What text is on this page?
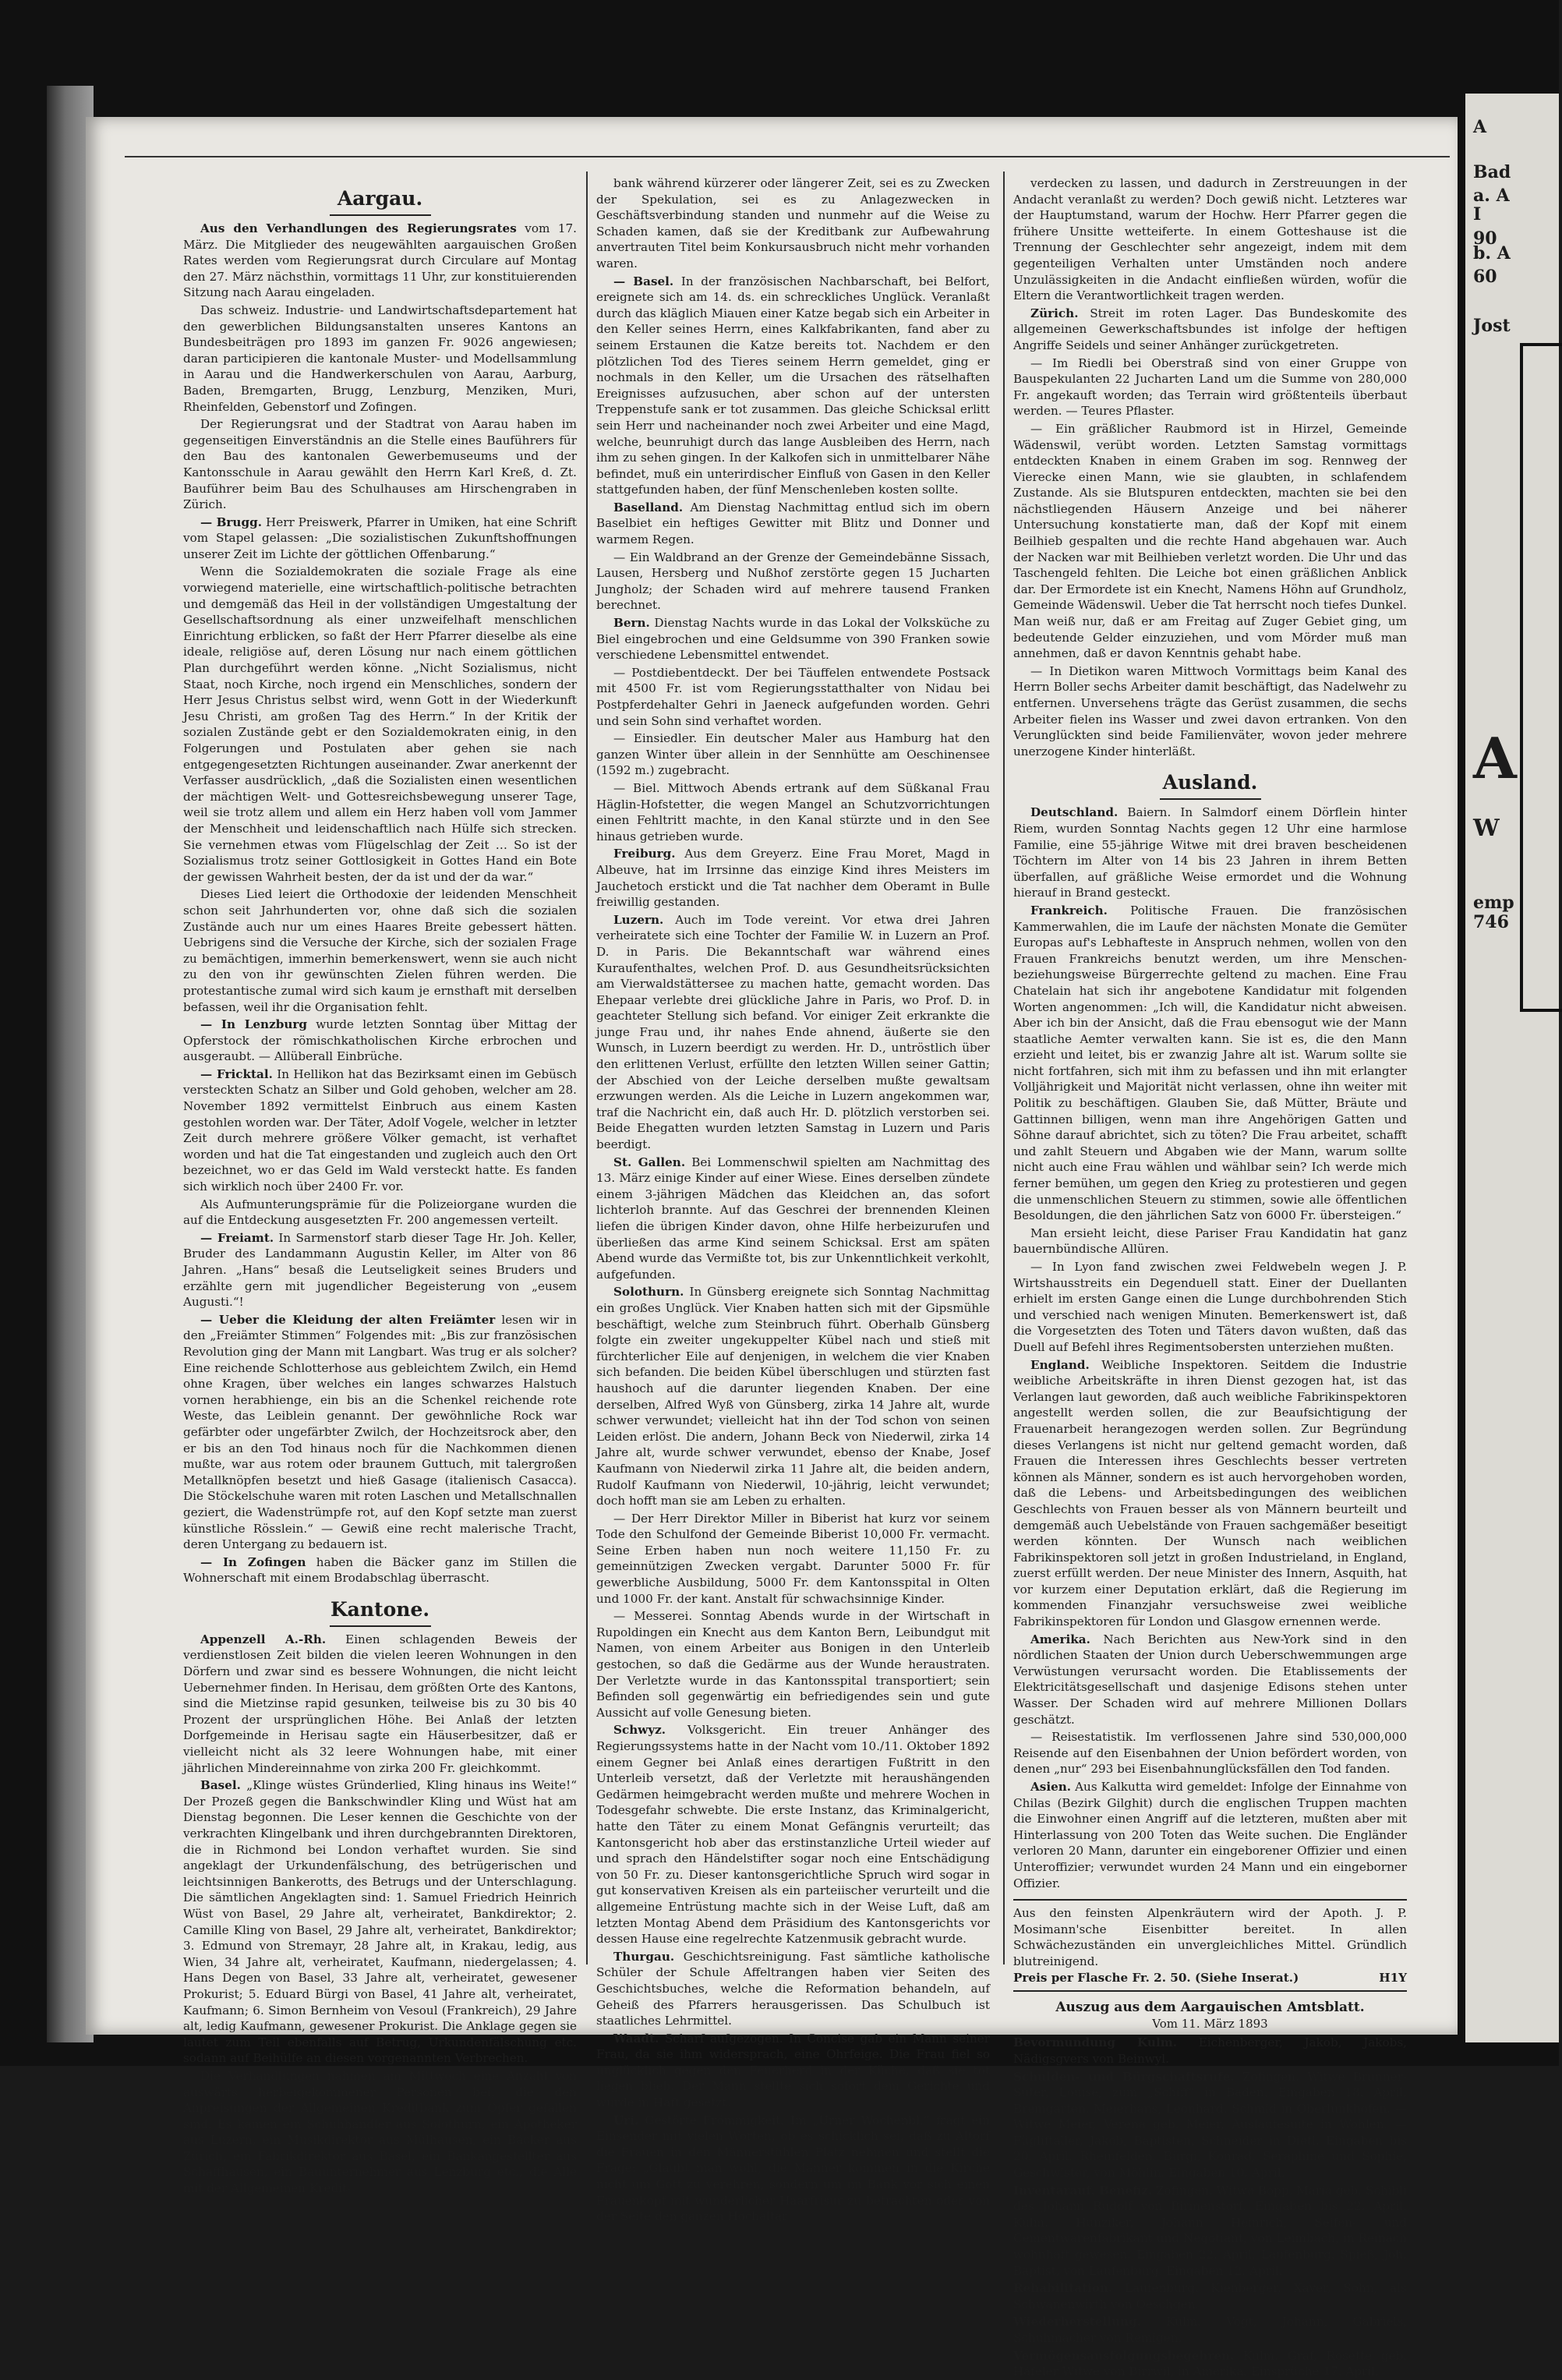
A
Bad
a. A
I
90
b. A
60
Jost
A
W
emp
746
Aargau.

Aus den Verhandlungen des Regierungsrates vom 17. März. Die Mitglieder des neugewählten aargauischen Großen Rates werden vom Regierungsrat durch Circulare auf Montag den 27. März nächsthin, vormittags 11 Uhr, zur konstituierenden Sitzung nach Aarau eingeladen.

Das schweiz. Industrie- und Landwirtschaftsdepartement hat den gewerblichen Bildungsanstalten unseres Kantons an Bundesbeiträgen pro 1893 im ganzen Fr. 9026 angewiesen; daran participieren die kantonale Muster- und Modellsammlung in Aarau und die Handwerkerschulen von Aarau, Aarburg, Baden, Bremgarten, Brugg, Lenzburg, Menziken, Muri, Rheinfelden, Gebenstorf und Zofingen.

Der Regierungsrat und der Stadtrat von Aarau haben im gegenseitigen Einverständnis an die Stelle eines Bauführers für den Bau des kantonalen Gewerbemuseums und der Kantonsschule in Aarau gewählt den Herrn Karl Kreß, d. Zt. Bauführer beim Bau des Schulhauses am Hirschengraben in Zürich.

— Brugg. Herr Preiswerk, Pfarrer in Umiken, hat eine Schrift vom Stapel gelassen: „Die sozialistischen Zukunftshoffnungen unserer Zeit im Lichte der göttlichen Offenbarung.“

Wenn die Sozialdemokraten die soziale Frage als eine vorwiegend materielle, eine wirtschaftlich-politische betrachten und demgemäß das Heil in der vollständigen Umgestaltung der Gesellschaftsordnung als einer unzweifelhaft menschlichen Einrichtung erblicken, so faßt der Herr Pfarrer dieselbe als eine ideale, religiöse auf, deren Lösung nur nach einem göttlichen Plan durchgeführt werden könne. „Nicht Sozialismus, nicht Staat, noch Kirche, noch irgend ein Menschliches, sondern der Herr Jesus Christus selbst wird, wenn Gott in der Wiederkunft Jesu Christi, am großen Tag des Herrn.“ In der Kritik der sozialen Zustände gebt er den Sozialdemokraten einig, in den Folgerungen und Postulaten aber gehen sie nach entgegengesetzten Richtungen auseinander. Zwar anerkennt der Verfasser ausdrücklich, „daß die Sozialisten einen wesentlichen der mächtigen Welt- und Gottesreichsbewegung unserer Tage, weil sie trotz allem und allem ein Herz haben voll vom Jammer der Menschheit und leidenschaftlich nach Hülfe sich strecken. Sie vernehmen etwas vom Flügelschlag der Zeit … So ist der Sozialismus trotz seiner Gottlosigkeit in Gottes Hand ein Bote der gewissen Wahrheit besten, der da ist und der da war.“

Dieses Lied leiert die Orthodoxie der leidenden Menschheit schon seit Jahrhunderten vor, ohne daß sich die sozialen Zustände auch nur um eines Haares Breite gebessert hätten. Uebrigens sind die Versuche der Kirche, sich der sozialen Frage zu bemächtigen, immerhin bemerkenswert, wenn sie auch nicht zu den von ihr gewünschten Zielen führen werden. Die protestantische zumal wird sich kaum je ernsthaft mit derselben befassen, weil ihr die Organisation fehlt.

— In Lenzburg wurde letzten Sonntag über Mittag der Opferstock der römischkatholischen Kirche erbrochen und ausgeraubt. — Allüberall Einbrüche.

— Fricktal. In Hellikon hat das Bezirksamt einen im Gebüsch versteckten Schatz an Silber und Gold gehoben, welcher am 28. November 1892 vermittelst Einbruch aus einem Kasten gestohlen worden war. Der Täter, Adolf Vogele, welcher in letzter Zeit durch mehrere größere Völker gemacht, ist verhaftet worden und hat die Tat eingestanden und zugleich auch den Ort bezeichnet, wo er das Geld im Wald versteckt hatte. Es fanden sich wirklich noch über 2400 Fr. vor.

Als Aufmunterungsprämie für die Polizeiorgane wurden die auf die Entdeckung ausgesetzten Fr. 200 angemessen verteilt.

— Freiamt. In Sarmenstorf starb dieser Tage Hr. Joh. Keller, Bruder des Landammann Augustin Keller, im Alter von 86 Jahren. „Hans“ besaß die Leutseligkeit seines Bruders und erzählte gern mit jugendlicher Begeisterung von „eusem Augusti.“!

— Ueber die Kleidung der alten Freiämter lesen wir in den „Freiämter Stimmen“ Folgendes mit: „Bis zur französischen Revolution ging der Mann mit Langbart. Was trug er als solcher? Eine reichende Schlotterhose aus gebleichtem Zwilch, ein Hemd ohne Kragen, über welches ein langes schwarzes Halstuch vornen herabhienge, ein bis an die Schenkel reichende rote Weste, das Leiblein genannt. Der gewöhnliche Rock war gefärbter oder ungefärbter Zwilch, der Hochzeitsrock aber, den er bis an den Tod hinaus noch für die Nachkommen dienen mußte, war aus rotem oder braunem Guttuch, mit talergroßen Metallknöpfen besetzt und hieß Gasage (italienisch Casacca). Die Stöckelschuhe waren mit roten Laschen und Metallschnallen geziert, die Wadenstrümpfe rot, auf den Kopf setzte man zuerst künstliche Rösslein.“ — Gewiß eine recht malerische Tracht, deren Untergang zu bedauern ist.

— In Zofingen haben die Bäcker ganz im Stillen die Wohnerschaft mit einem Brodabschlag überrascht.

Kantone.

Appenzell A.-Rh. Einen schlagenden Beweis der verdienstlosen Zeit bilden die vielen leeren Wohnungen in den Dörfern und zwar sind es bessere Wohnungen, die nicht leicht Uebernehmer finden. In Herisau, dem größten Orte des Kantons, sind die Mietzinse rapid gesunken, teilweise bis zu 30 bis 40 Prozent der ursprünglichen Höhe. Bei Anlaß der letzten Dorfgemeinde in Herisau sagte ein Häuserbesitzer, daß er vielleicht nicht als 32 leere Wohnungen habe, mit einer jährlichen Mindereinnahme von zirka 200 Fr. gleichkommt.

Basel. „Klinge wüstes Gründerlied, Kling hinaus ins Weite!“ Der Prozeß gegen die Bankschwindler Kling und Wüst hat am Dienstag begonnen. Die Leser kennen die Geschichte von der verkrachten Klingelbank und ihren durchgebrannten Direktoren, die in Richmond bei London verhaftet wurden. Sie sind angeklagt der Urkundenfälschung, des betrügerischen und leichtsinnigen Bankerotts, des Betrugs und der Unterschlagung. Die sämtlichen Angeklagten sind: 1. Samuel Friedrich Heinrich Wüst von Basel, 29 Jahre alt, verheiratet, Bankdirektor; 2. Camille Kling von Basel, 29 Jahre alt, verheiratet, Bankdirektor; 3. Edmund von Stremayr, 28 Jahre alt, in Krakau, ledig, aus Wien, 34 Jahre alt, verheiratet, Kaufmann, niedergelassen; 4. Hans Degen von Basel, 33 Jahre alt, verheiratet, gewesener Prokurist; 5. Eduard Bürgi von Basel, 41 Jahre alt, verheiratet, Kaufmann; 6. Simon Bernheim von Vesoul (Frankreich), 29 Jahre alt, ledig Kaufmann, gewesener Prokurist. Die Anklage gegen sie lautet zum Teil ebenfalls auf Betrug, Urkundenfälschung etc. sodann auf Beihülfe an diesen vorgenannten Verbrechen.

Die Verhandlungen nahmen am Mittwoch eine Anzahl von auswärts herbeigekommener Personen bei, die den Anpreisungen der Allgemeinen Kreditbank zum Opfer gefallen sind. Es kamen ein Schuhhändler aus Solothurn, ein Apotheker aus Luzern, ein Musikdirektor aus Mülhausen, ein Bäcker aus Zürich, ein Fabrikdirektor aus Basel, ein Bankangestellter aus Schaffhausen, ein Bauunternehmer aus Lenzburg etc., die Alle mit der Allgemeinen Kredit-

bank während kürzerer oder längerer Zeit, sei es zu Zwecken der Spekulation, sei es zu Anlagezwecken in Geschäftsverbindung standen und nunmehr auf die Weise zu Schaden kamen, daß sie der Kreditbank zur Aufbewahrung anvertrauten Titel beim Konkursausbruch nicht mehr vorhanden waren.

— Basel. In der französischen Nachbarschaft, bei Belfort, ereignete sich am 14. ds. ein schreckliches Unglück. Veranlaßt durch das kläglich Miauen einer Katze begab sich ein Arbeiter in den Keller seines Herrn, eines Kalkfabrikanten, fand aber zu seinem Erstaunen die Katze bereits tot. Nachdem er den plötzlichen Tod des Tieres seinem Herrn gemeldet, ging er nochmals in den Keller, um die Ursachen des rätselhaften Ereignisses aufzusuchen, aber schon auf der untersten Treppenstufe sank er tot zusammen. Das gleiche Schicksal erlitt sein Herr und nacheinander noch zwei Arbeiter und eine Magd, welche, beunruhigt durch das lange Ausbleiben des Herrn, nach ihm zu sehen gingen. In der Kalkofen sich in unmittelbarer Nähe befindet, muß ein unterirdischer Einfluß von Gasen in den Keller stattgefunden haben, der fünf Menschenleben kosten sollte.

Baselland. Am Dienstag Nachmittag entlud sich im obern Baselbiet ein heftiges Gewitter mit Blitz und Donner und warmem Regen.

— Ein Waldbrand an der Grenze der Gemeindebänne Sissach, Lausen, Hersberg und Nußhof zerstörte gegen 15 Jucharten Jungholz; der Schaden wird auf mehrere tausend Franken berechnet.

Bern. Dienstag Nachts wurde in das Lokal der Volksküche zu Biel eingebrochen und eine Geldsumme von 390 Franken sowie verschiedene Lebensmittel entwendet.

— Postdiebentdeckt. Der bei Täuffelen entwendete Postsack mit 4500 Fr. ist vom Regierungsstatthalter von Nidau bei Postpferdehalter Gehri in Jaeneck aufgefunden worden. Gehri und sein Sohn sind verhaftet worden.

— Einsiedler. Ein deutscher Maler aus Hamburg hat den ganzen Winter über allein in der Sennhütte am Oeschinensee (1592 m.) zugebracht.

— Biel. Mittwoch Abends ertrank auf dem Süßkanal Frau Häglin-Hofstetter, die wegen Mangel an Schutzvorrichtungen einen Fehltritt machte, in den Kanal stürzte und in den See hinaus getrieben wurde.

Freiburg. Aus dem Greyerz. Eine Frau Moret, Magd in Albeuve, hat im Irrsinne das einzige Kind ihres Meisters im Jauchetoch erstickt und die Tat nachher dem Oberamt in Bulle freiwillig gestanden.

Luzern. Auch im Tode vereint. Vor etwa drei Jahren verheiratete sich eine Tochter der Familie W. in Luzern an Prof. D. in Paris. Die Bekanntschaft war während eines Kuraufenthaltes, welchen Prof. D. aus Gesundheitsrücksichten am Vierwaldstättersee zu machen hatte, gemacht worden. Das Ehepaar verlebte drei glückliche Jahre in Paris, wo Prof. D. in geachteter Stellung sich befand. Vor einiger Zeit erkrankte die junge Frau und, ihr nahes Ende ahnend, äußerte sie den Wunsch, in Luzern beerdigt zu werden. Hr. D., untröstlich über den erlittenen Verlust, erfüllte den letzten Willen seiner Gattin; der Abschied von der Leiche derselben mußte gewaltsam erzwungen werden. Als die Leiche in Luzern angekommen war, traf die Nachricht ein, daß auch Hr. D. plötzlich verstorben sei. Beide Ehegatten wurden letzten Samstag in Luzern und Paris beerdigt.

St. Gallen. Bei Lommenschwil spielten am Nachmittag des 13. März einige Kinder auf einer Wiese. Eines derselben zündete einem 3-jährigen Mädchen das Kleidchen an, das sofort lichterloh brannte. Auf das Geschrei der brennenden Kleinen liefen die übrigen Kinder davon, ohne Hilfe herbeizurufen und überließen das arme Kind seinem Schicksal. Erst am späten Abend wurde das Vermißte tot, bis zur Unkenntlichkeit verkohlt, aufgefunden.

Solothurn. In Günsberg ereignete sich Sonntag Nachmittag ein großes Unglück. Vier Knaben hatten sich mit der Gipsmühle beschäftigt, welche zum Steinbruch führt. Oberhalb Günsberg folgte ein zweiter ungekuppelter Kübel nach und stieß mit fürchterlicher Eile auf denjenigen, in welchem die vier Knaben sich befanden. Die beiden Kübel überschlugen und stürzten fast haushoch auf die darunter liegenden Knaben. Der eine derselben, Alfred Wyß von Günsberg, zirka 14 Jahre alt, wurde schwer verwundet; vielleicht hat ihn der Tod schon von seinen Leiden erlöst. Die andern, Johann Beck von Niederwil, zirka 14 Jahre alt, wurde schwer verwundet, ebenso der Knabe, Josef Kaufmann von Niederwil zirka 11 Jahre alt, die beiden andern, Rudolf Kaufmann von Niederwil, 10-jährig, leicht verwundet; doch hofft man sie am Leben zu erhalten.

— Der Herr Direktor Miller in Biberist hat kurz vor seinem Tode den Schulfond der Gemeinde Biberist 10,000 Fr. vermacht. Seine Erben haben nun noch weitere 11,150 Fr. zu gemeinnützigen Zwecken vergabt. Darunter 5000 Fr. für gewerbliche Ausbildung, 5000 Fr. dem Kantonsspital in Olten und 1000 Fr. der kant. Anstalt für schwachsinnige Kinder.

— Messerei. Sonntag Abends wurde in der Wirtschaft in Rupoldingen ein Knecht aus dem Kanton Bern, Leibundgut mit Namen, von einem Arbeiter aus Bonigen in den Unterleib gestochen, so daß die Gedärme aus der Wunde heraustraten. Der Verletzte wurde in das Kantonsspital transportiert; sein Befinden soll gegenwärtig ein befriedigendes sein und gute Aussicht auf volle Genesung bieten.

Schwyz. Volksgericht. Ein treuer Anhänger des Regierungssystems hatte in der Nacht vom 10./11. Oktober 1892 einem Gegner bei Anlaß eines derartigen Fußtritt in den Unterleib versetzt, daß der Verletzte mit heraushängenden Gedärmen heimgebracht werden mußte und mehrere Wochen in Todesgefahr schwebte. Die erste Instanz, das Kriminalgericht, hatte den Täter zu einem Monat Gefängnis verurteilt; das Kantonsgericht hob aber das erstinstanzliche Urteil wieder auf und sprach den Händelstifter sogar noch eine Entschädigung von 50 Fr. zu. Dieser kantonsgerichtliche Spruch wird sogar in gut konservativen Kreisen als ein parteiischer verurteilt und die allgemeine Entrüstung machte sich in der Weise Luft, daß am letzten Montag Abend dem Präsidium des Kantonsgerichts vor dessen Hause eine regelrechte Katzenmusik gebracht wurde.

Thurgau. Geschichtsreinigung. Fast sämtliche katholische Schüler der Schule Affeltrangen haben vier Seiten des Geschichtsbuches, welche die Reformation behandeln, auf Geheiß des Pfarrers herausgerissen. Das Schulbuch ist staatliches Lehrmittel.

Waadt. Scharf aufgezogen. In Concise gab ein Mann seiner Frau, da sie ihm widersprach, eine Ohrfeige. Die Frau fiel so unglücklich gegen den Feuerherd in der Küche, daß sie tot liegen blieb. Der Mann stellte sich sofort dem Gerichte und wurde in Haft gesetzt.

Uri. Gestörte Frömmigkeit. Im „Urner Wochenbl.“ fragt ein Einsender mit vielen Worten, ob es schicklich sei, daß zu Altorf die Frauen in den Männerstühlen Platz nehmen und stellt die Frage: „Glaubt man wohl, die Männer kommen in die Kirche nicht um Gott zu verehren, sondern um im Bank vor sich einen Frauenkopf mit wunderlicher Haarfrisur zu betrachten oder von der Seite den ganzen Hochaltar

verdecken zu lassen, und dadurch in Zerstreuungen in der Andacht veranlaßt zu werden? Doch gewiß nicht. Letzteres war der Hauptumstand, warum der Hochw. Herr Pfarrer gegen die frühere Unsitte wetteiferte. In einem Gotteshause ist die Trennung der Geschlechter sehr angezeigt, indem mit dem gegenteiligen Verhalten unter Umständen noch andere Unzulässigkeiten in die Andacht einfließen würden, wofür die Eltern die Verantwortlichkeit tragen werden.

Zürich. Streit im roten Lager. Das Bundeskomite des allgemeinen Gewerkschaftsbundes ist infolge der heftigen Angriffe Seidels und seiner Anhänger zurückgetreten.

— Im Riedli bei Oberstraß sind von einer Gruppe von Bauspekulanten 22 Jucharten Land um die Summe von 280,000 Fr. angekauft worden; das Terrain wird größtenteils überbaut werden. — Teures Pflaster.

— Ein gräßlicher Raubmord ist in Hirzel, Gemeinde Wädenswil, verübt worden. Letzten Samstag vormittags entdeckten Knaben in einem Graben im sog. Rennweg der Vierecke einen Mann, wie sie glaubten, in schlafendem Zustande. Als sie Blutspuren entdeckten, machten sie bei den nächstliegenden Häusern Anzeige und bei näherer Untersuchung konstatierte man, daß der Kopf mit einem Beilhieb gespalten und die rechte Hand abgehauen war. Auch der Nacken war mit Beilhieben verletzt worden. Die Uhr und das Taschengeld fehlten. Die Leiche bot einen gräßlichen Anblick dar. Der Ermordete ist ein Knecht, Namens Höhn auf Grundholz, Gemeinde Wädenswil. Ueber die Tat herrscht noch tiefes Dunkel. Man weiß nur, daß er am Freitag auf Zuger Gebiet ging, um bedeutende Gelder einzuziehen, und vom Mörder muß man annehmen, daß er davon Kenntnis gehabt habe.

— In Dietikon waren Mittwoch Vormittags beim Kanal des Herrn Boller sechs Arbeiter damit beschäftigt, das Nadelwehr zu entfernen. Unversehens trägte das Gerüst zusammen, die sechs Arbeiter fielen ins Wasser und zwei davon ertranken. Von den Verunglückten sind beide Familienväter, wovon jeder mehrere unerzogene Kinder hinterläßt.

Ausland.

Deutschland. Baiern. In Salmdorf einem Dörflein hinter Riem, wurden Sonntag Nachts gegen 12 Uhr eine harmlose Familie, eine 55-jährige Witwe mit drei braven bescheidenen Töchtern im Alter von 14 bis 23 Jahren in ihrem Betten überfallen, auf gräßliche Weise ermordet und die Wohnung hierauf in Brand gesteckt.

Frankreich. Politische Frauen. Die französischen Kammerwahlen, die im Laufe der nächsten Monate die Gemüter Europas auf's Lebhafteste in Anspruch nehmen, wollen von den Frauen Frankreichs benutzt werden, um ihre Menschen- beziehungsweise Bürgerrechte geltend zu machen. Eine Frau Chatelain hat sich ihr angebotene Kandidatur mit folgenden Worten angenommen: „Ich will, die Kandidatur nicht abweisen. Aber ich bin der Ansicht, daß die Frau ebensogut wie der Mann staatliche Aemter verwalten kann. Sie ist es, die den Mann erzieht und leitet, bis er zwanzig Jahre alt ist. Warum sollte sie nicht fortfahren, sich mit ihm zu befassen und ihn mit erlangter Volljährigkeit und Majorität nicht verlassen, ohne ihn weiter mit Politik zu beschäftigen. Glauben Sie, daß Mütter, Bräute und Gattinnen billigen, wenn man ihre Angehörigen Gatten und Söhne darauf abrichtet, sich zu töten? Die Frau arbeitet, schafft und zahlt Steuern und Abgaben wie der Mann, warum sollte nicht auch eine Frau wählen und wählbar sein? Ich werde mich ferner bemühen, um gegen den Krieg zu protestieren und gegen die unmenschlichen Steuern zu stimmen, sowie alle öffentlichen Besoldungen, die den jährlichen Satz von 6000 Fr. übersteigen.“

Man ersieht leicht, diese Pariser Frau Kandidatin hat ganz bauernbündische Allüren.

— In Lyon fand zwischen zwei Feldwebeln wegen J. P. Wirtshausstreits ein Degenduell statt. Einer der Duellanten erhielt im ersten Gange einen die Lunge durchbohrenden Stich und verschied nach wenigen Minuten. Bemerkenswert ist, daß die Vorgesetzten des Toten und Täters davon wußten, daß das Duell auf Befehl ihres Regimentsobersten unterziehen mußten.

England. Weibliche Inspektoren. Seitdem die Industrie weibliche Arbeitskräfte in ihren Dienst gezogen hat, ist das Verlangen laut geworden, daß auch weibliche Fabrikinspektoren angestellt werden sollen, die zur Beaufsichtigung der Frauenarbeit herangezogen werden sollen. Zur Begründung dieses Verlangens ist nicht nur geltend gemacht worden, daß Frauen die Interessen ihres Geschlechts besser vertreten können als Männer, sondern es ist auch hervorgehoben worden, daß die Lebens- und Arbeitsbedingungen des weiblichen Geschlechts von Frauen besser als von Männern beurteilt und demgemäß auch Uebelstände von Frauen sachgemäßer beseitigt werden könnten. Der Wunsch nach weiblichen Fabrikinspektoren soll jetzt in großen Industrieland, in England, zuerst erfüllt werden. Der neue Minister des Innern, Asquith, hat vor kurzem einer Deputation erklärt, daß die Regierung im kommenden Finanzjahr versuchsweise zwei weibliche Fabrikinspektoren für London und Glasgow ernennen werde.

Amerika. Nach Berichten aus New-York sind in den nördlichen Staaten der Union durch Ueberschwemmungen arge Verwüstungen verursacht worden. Die Etablissements der Elektricitätsgesellschaft und dasjenige Edisons stehen unter Wasser. Der Schaden wird auf mehrere Millionen Dollars geschätzt.

— Reisestatistik. Im verflossenen Jahre sind 530,000,000 Reisende auf den Eisenbahnen der Union befördert worden, von denen „nur“ 293 bei Eisenbahnunglücksfällen den Tod fanden.

Asien. Aus Kalkutta wird gemeldet: Infolge der Einnahme von Chilas (Bezirk Gilghit) durch die englischen Truppen machten die Einwohner einen Angriff auf die letzteren, mußten aber mit Hinterlassung von 200 Toten das Weite suchen. Die Engländer verloren 20 Mann, darunter ein eingeborener Offizier und einen Unteroffizier; verwundet wurden 24 Mann und ein eingeborner Offizier.

Aus den feinsten Alpenkräutern wird der Apoth. J. P. Mosimann'sche Eisenbitter bereitet. In allen Schwächezuständen ein unvergleichliches Mittel. Gründlich blutreinigend.
Preis per Flasche Fr. 2. 50. (Siehe Inserat.)	H1Y
Auszug aus dem Aargauischen Amtsblatt.
Vom 11. März 1893

Bevormundung Kulm. Eichenberger, Jakob, Jakobs, Nädigsgvers von Beinwyl.

Schulden- und Bürgschaftsrufe. Zofingen. Witwe Brunner-Suter, Louise, zum „Schiff“ in Baden. Eingaben 18. April. Bremgarten. Meierhans, Leonhard, Schmid in Oberlunkhofen. — Witwe Meier, Verena geb. Meier, Auslaufesuite in Wohlen. — Fügliftaller, Jakob, Baptisten, Schneider in Dietl. Eingaben bis 20. April. Rheinfelden. Bürgi, Konrad, Seraphine und Sophie, Geschwister, von Möhlin. Eingaben 10. April.

Inventarauf. Benefiz. Zofingen. Witwe Bopp, Maria geb. Schibli des Johann Rudolf von Birmenstorf. Eingaben bis 22. April. Kulm. Hunziker, Johann Heinrich, Seifen- und Cementwarenfabrikant und Negotiant, von Leimbach, in Reinach wohnhaft gewesen. Eingaben 22. April. Laufenburg. Spieß, Joh. Baptist, von Laufenburg. Eingaben 12. April.

Rehabilitation. Laufenburg. Kienberger, Xaver, Sohn, als Schwanenwirth von Oeschgen.

Wiederherstellung. Kulm. Vogt, Johann, Gabriels, Schuhmacher von Remigen.

Vermögensausfolgungsbegehren. Kulm. Graf, Rosette geb. Häfeler Witwe von Birrwil, in Amerika. Einsprüche 17. April.
